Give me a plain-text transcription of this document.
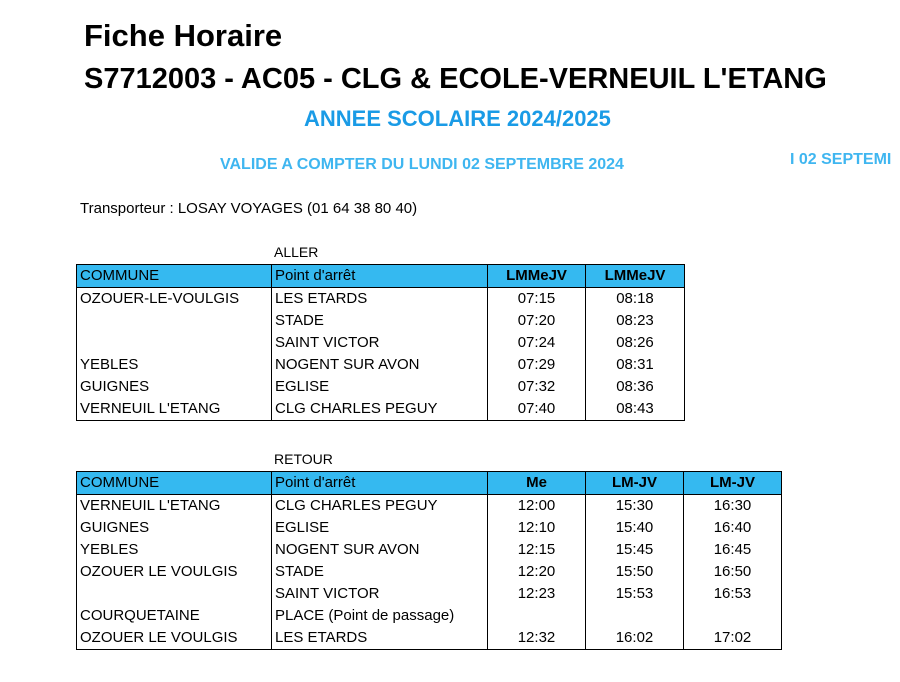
Fiche Horaire
S7712003 - AC05 - CLG & ECOLE-VERNEUIL L'ETANG
ANNEE SCOLAIRE 2024/2025
VALIDE A COMPTER DU LUNDI 02 SEPTEMBRE 2024	I 02 SEPTEMI
Transporteur : LOSAY VOYAGES (01 64 38 80 40)
ALLER
COMMUNE	Point d'arrêt	LMMeJV	LMMeJV
OZOUER-LE-VOULGIS	LES ETARDS	07:15	08:18
	STADE	07:20	08:23
	SAINT VICTOR	07:24	08:26
YEBLES	NOGENT SUR AVON	07:29	08:31
GUIGNES	EGLISE	07:32	08:36
VERNEUIL L'ETANG	CLG CHARLES PEGUY	07:40	08:43
RETOUR
COMMUNE	Point d'arrêt	Me	LM-JV	LM-JV
VERNEUIL L'ETANG	CLG CHARLES PEGUY	12:00	15:30	16:30
GUIGNES	EGLISE	12:10	15:40	16:40
YEBLES	NOGENT SUR AVON	12:15	15:45	16:45
OZOUER LE VOULGIS	STADE	12:20	15:50	16:50
	SAINT VICTOR	12:23	15:53	16:53
COURQUETAINE	PLACE (Point de passage)			
OZOUER LE VOULGIS	LES ETARDS	12:32	16:02	17:02
